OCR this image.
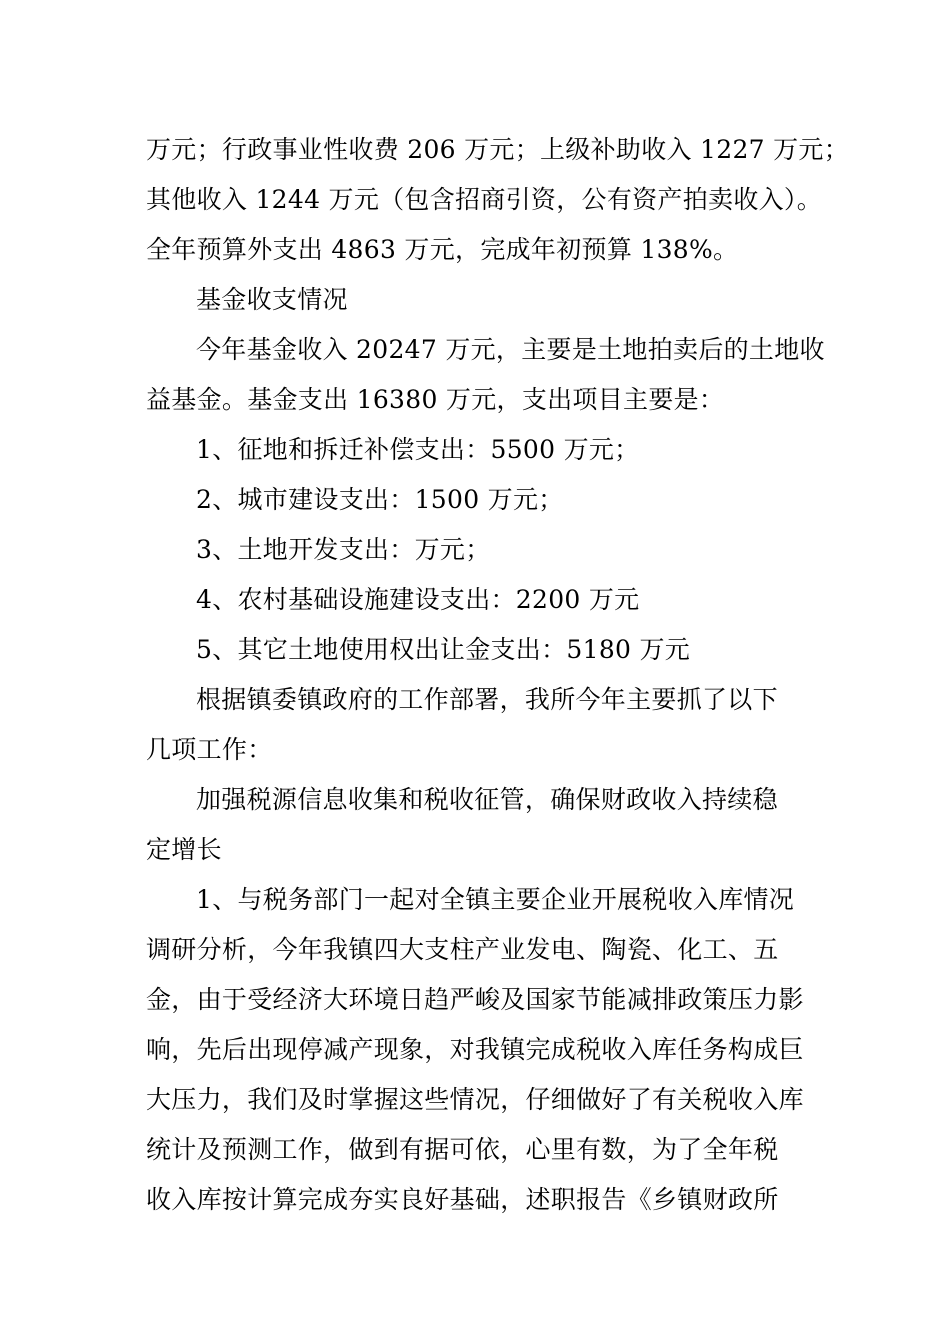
万元；行政事业性收费 206 万元；上级补助收入 1227 万元；
其他收入 1244 万元（包含招商引资，公有资产拍卖收入）。
全年预算外支出 4863 万元，完成年初预算 138%。
基金收支情况
今年基金收入 20247 万元，主要是土地拍卖后的土地收
益基金。基金支出 16380 万元，支出项目主要是：
1、征地和拆迁补偿支出：5500 万元；
2、城市建设支出：1500 万元；
3、土地开发支出：万元；
4、农村基础设施建设支出：2200 万元
5、其它土地使用权出让金支出：5180 万元
根据镇委镇政府的工作部署，我所今年主要抓了以下
几项工作：
加强税源信息收集和税收征管，确保财政收入持续稳
定增长
1、与税务部门一起对全镇主要企业开展税收入库情况
调研分析，今年我镇四大支柱产业发电、陶瓷、化工、五
金，由于受经济大环境日趋严峻及国家节能减排政策压力影
响，先后出现停减产现象，对我镇完成税收入库任务构成巨
大压力，我们及时掌握这些情况，仔细做好了有关税收入库
统计及预测工作，做到有据可依，心里有数，为了全年税
收入库按计算完成夯实良好基础，述职报告《乡镇财政所
